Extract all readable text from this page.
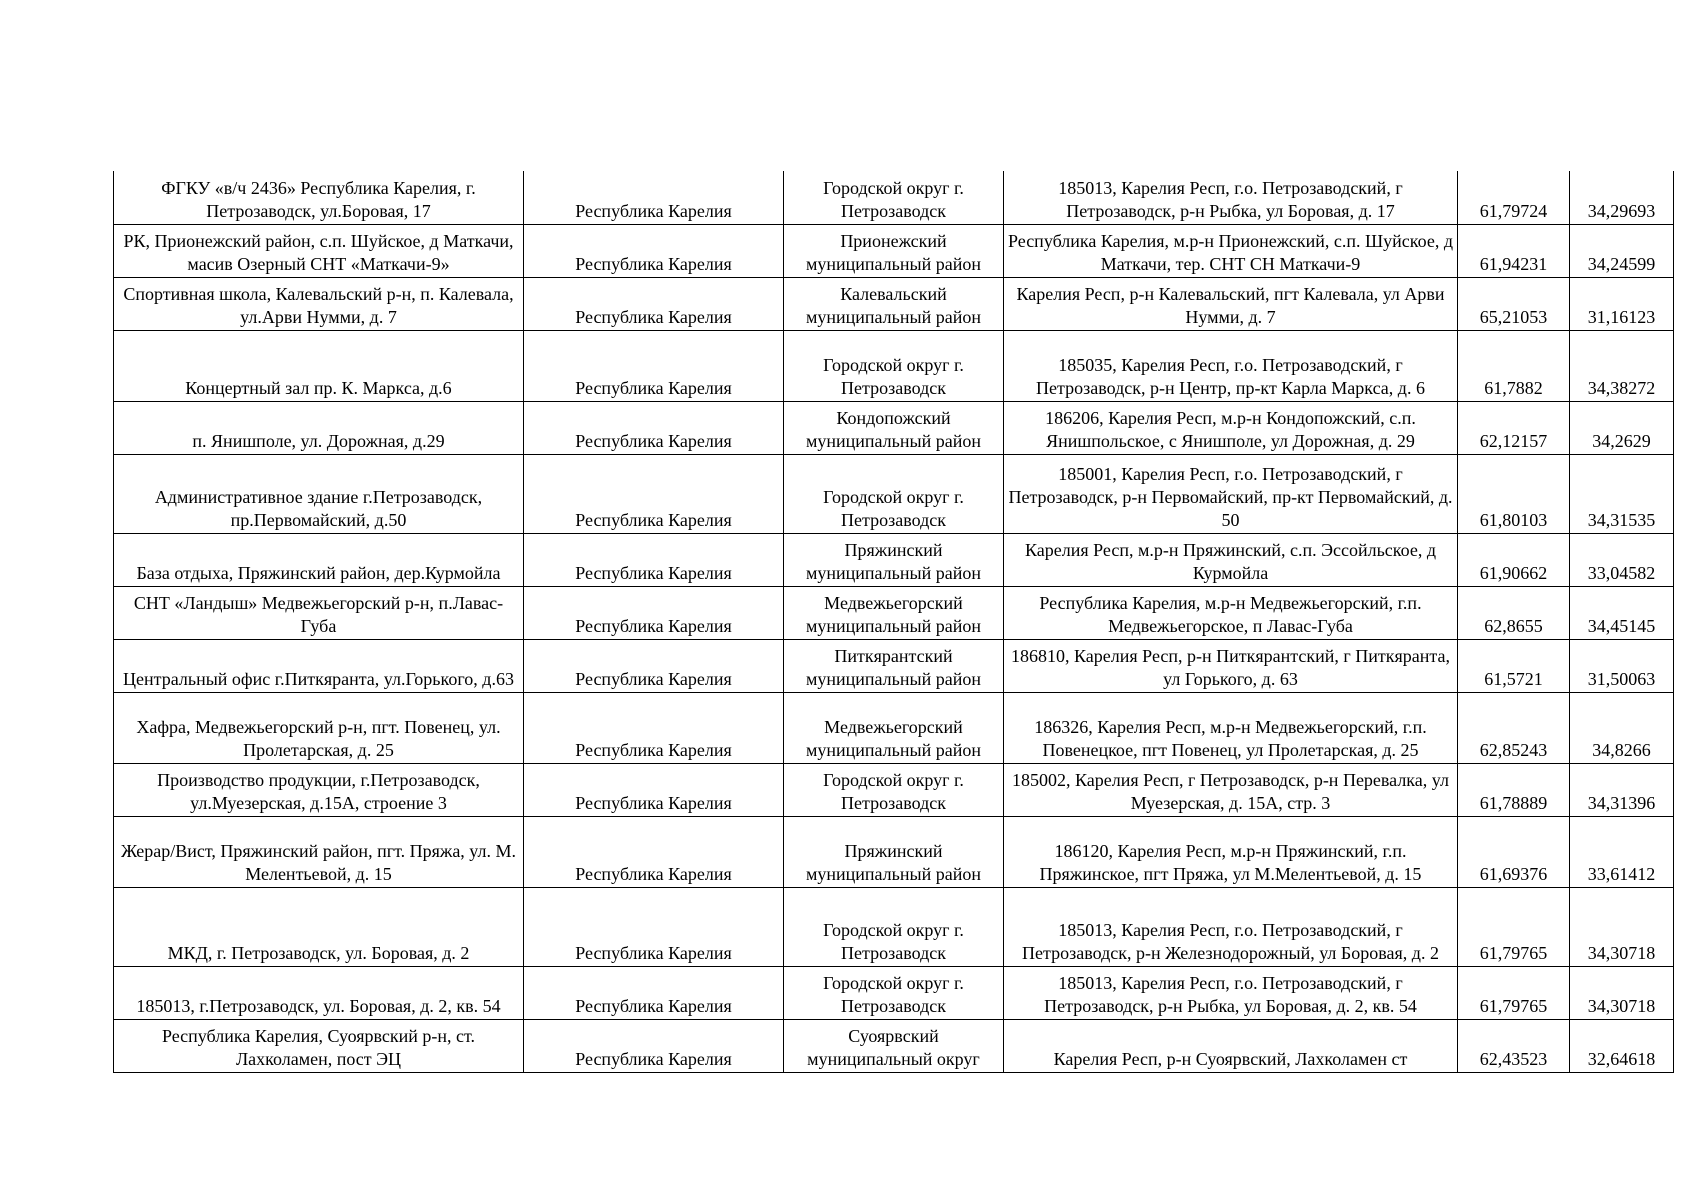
ФГКУ «в/ч 2436» Республика Карелия, г. Петрозаводск, ул.Боровая, 17	Республика Карелия	Городской округ г. Петрозаводск	185013, Карелия Респ, г.о. Петрозаводский, г Петрозаводск, р-н Рыбка, ул Боровая, д. 17	61,79724	34,29693
РК, Прионежский район, с.п. Шуйское, д Маткачи, масив Озерный СНТ «Маткачи-9»	Республика Карелия	Прионежский муниципальный район	Республика Карелия, м.р-н Прионежский, с.п. Шуйское, д Маткачи, тер. СНТ СН Маткачи-9	61,94231	34,24599
Спортивная школа, Калевальский р-н, п. Калевала, ул.Арви Нумми, д. 7	Республика Карелия	Калевальский муниципальный район	Карелия Респ, р-н Калевальский, пгт Калевала, ул Арви Нумми, д. 7	65,21053	31,16123
Концертный зал пр. К. Маркса, д.6	Республика Карелия	Городской округ г. Петрозаводск	185035, Карелия Респ, г.о. Петрозаводский, г Петрозаводск, р-н Центр, пр-кт Карла Маркса, д. 6	61,7882	34,38272
п. Янишполе, ул. Дорожная, д.29	Республика Карелия	Кондопожский муниципальный район	186206, Карелия Респ, м.р-н Кондопожский, с.п. Янишпольское, с Янишполе, ул Дорожная, д. 29	62,12157	34,2629
Административное здание г.Петрозаводск, пр.Первомайский, д.50	Республика Карелия	Городской округ г. Петрозаводск	185001, Карелия Респ, г.о. Петрозаводский, г Петрозаводск, р-н Первомайский, пр-кт Первомайский, д. 50	61,80103	34,31535
База отдыха, Пряжинский район, дер.Курмойла	Республика Карелия	Пряжинский муниципальный район	Карелия Респ, м.р-н Пряжинский, с.п. Эссойльское, д Курмойла	61,90662	33,04582
СНТ «Ландыш» Медвежьегорский р-н, п.Лавас-Губа	Республика Карелия	Медвежьегорский муниципальный район	Республика Карелия, м.р-н Медвежьегорский, г.п. Медвежьегорское, п Лавас-Губа	62,8655	34,45145
Центральный офис г.Питкяранта, ул.Горького, д.63	Республика Карелия	Питкярантский муниципальный район	186810, Карелия Респ, р-н Питкярантский, г Питкяранта, ул Горького, д. 63	61,5721	31,50063
Хафра, Медвежьегорский р-н, пгт. Повенец, ул. Пролетарская, д. 25	Республика Карелия	Медвежьегорский муниципальный район	186326, Карелия Респ, м.р-н Медвежьегорский, г.п. Повенецкое, пгт Повенец, ул Пролетарская, д. 25	62,85243	34,8266
Производство продукции, г.Петрозаводск, ул.Муезерская, д.15А, строение 3	Республика Карелия	Городской округ г. Петрозаводск	185002, Карелия Респ, г Петрозаводск, р-н Перевалка, ул Муезерская, д. 15А, стр. 3	61,78889	34,31396
Жерар/Вист, Пряжинский район, пгт. Пряжа, ул. М. Мелентьевой, д. 15	Республика Карелия	Пряжинский муниципальный район	186120, Карелия Респ, м.р-н Пряжинский, г.п. Пряжинское, пгт Пряжа, ул М.Мелентьевой, д. 15	61,69376	33,61412
МКД, г. Петрозаводск, ул. Боровая, д. 2	Республика Карелия	Городской округ г. Петрозаводск	185013, Карелия Респ, г.о. Петрозаводский, г Петрозаводск, р-н Железнодорожный, ул Боровая, д. 2	61,79765	34,30718
185013, г.Петрозаводск, ул. Боровая, д. 2, кв. 54	Республика Карелия	Городской округ г. Петрозаводск	185013, Карелия Респ, г.о. Петрозаводский, г Петрозаводск, р-н Рыбка, ул Боровая, д. 2, кв. 54	61,79765	34,30718
Республика Карелия, Суоярвский р-н, ст. Лахколамен, пост ЭЦ	Республика Карелия	Суоярвский муниципальный округ	Карелия Респ, р-н Суоярвский, Лахколамен ст	62,43523	32,64618
